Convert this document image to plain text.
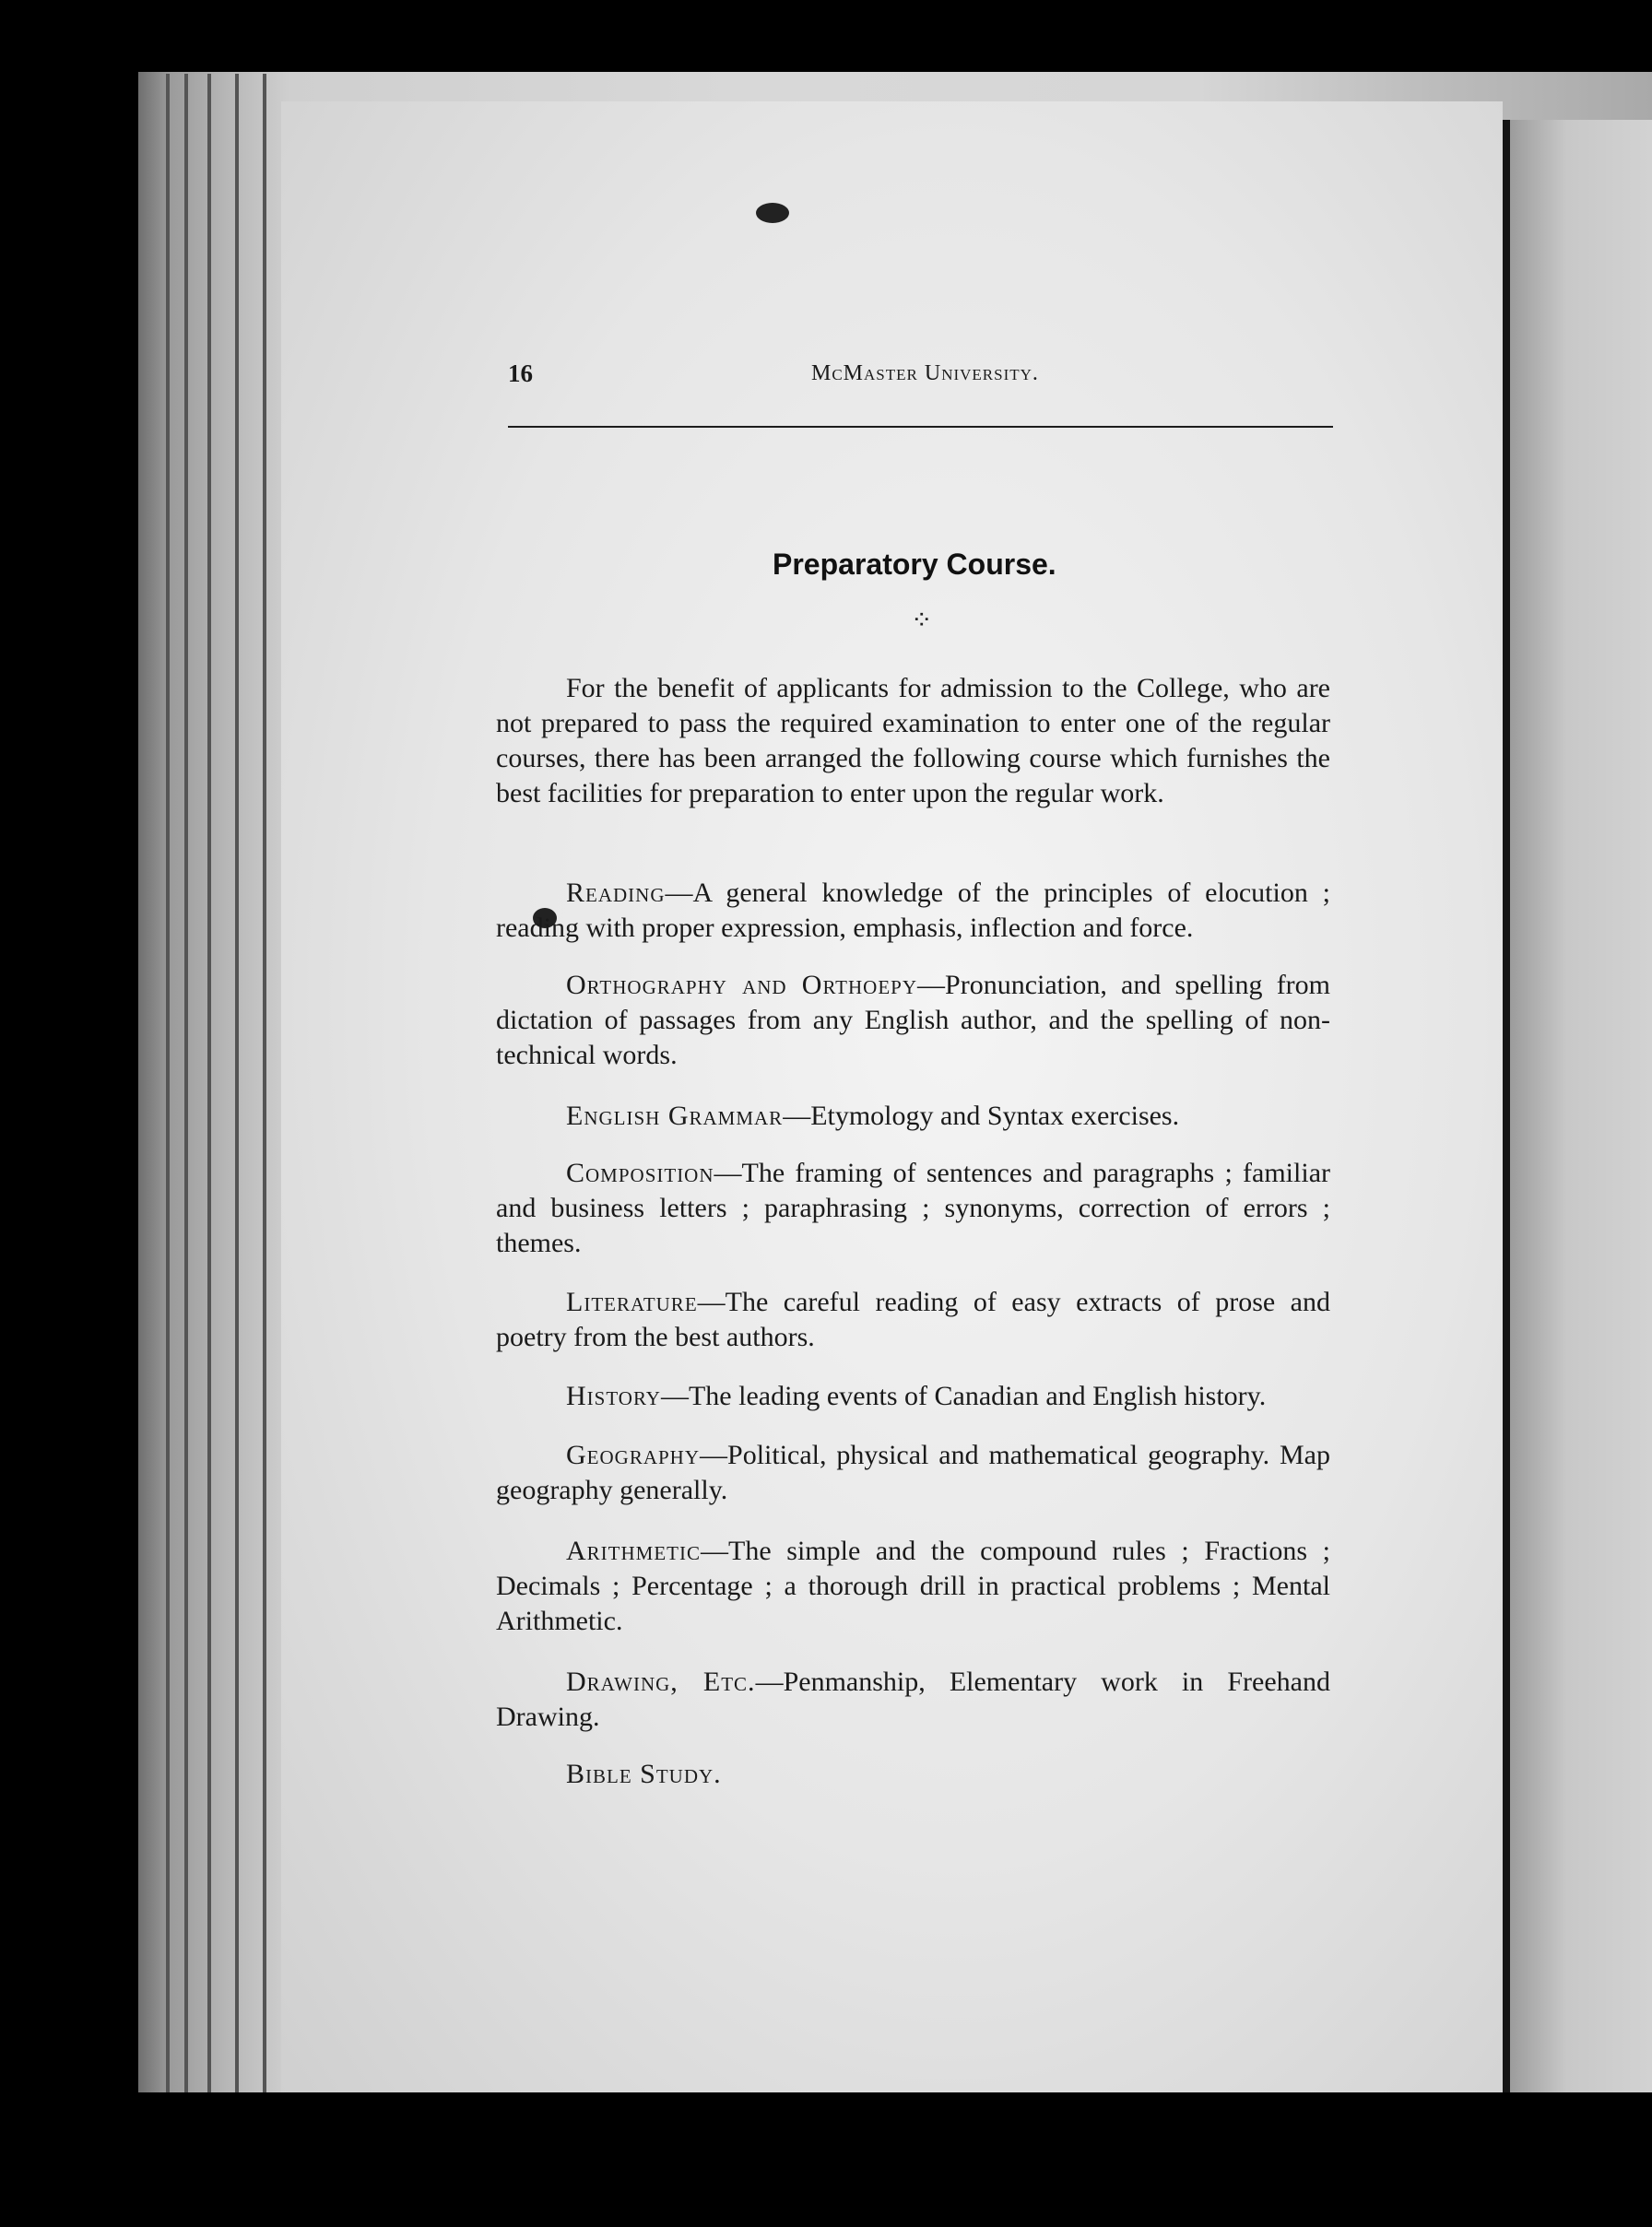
16	McMaster University.
Preparatory Course.
⁘

For the benefit of applicants for admission to the College, who are not prepared to pass the required examination to enter one of the regular courses, there has been arranged the following course which furnishes the best facilities for preparation to enter upon the regular work.

Reading—A general knowledge of the principles of elocution ; reading with proper expression, emphasis, inflection and force.

Orthography and Orthoepy—Pronunciation, and spelling from dictation of passages from any English author, and the spelling of non-technical words.

English Grammar—Etymology and Syntax exercises.

Composition—The framing of sentences and paragraphs ; familiar and business letters ; paraphrasing ; synonyms, correction of errors ; themes.

Literature—The careful reading of easy extracts of prose and poetry from the best authors.

History—The leading events of Canadian and English history.

Geography—Political, physical and mathematical geography. Map geography generally.

Arithmetic—The simple and the compound rules ; Fractions ; Decimals ; Percentage ; a thorough drill in practical problems ; Mental Arithmetic.

Drawing, Etc.—Penmanship, Elementary work in Freehand Drawing.

Bible Study.
